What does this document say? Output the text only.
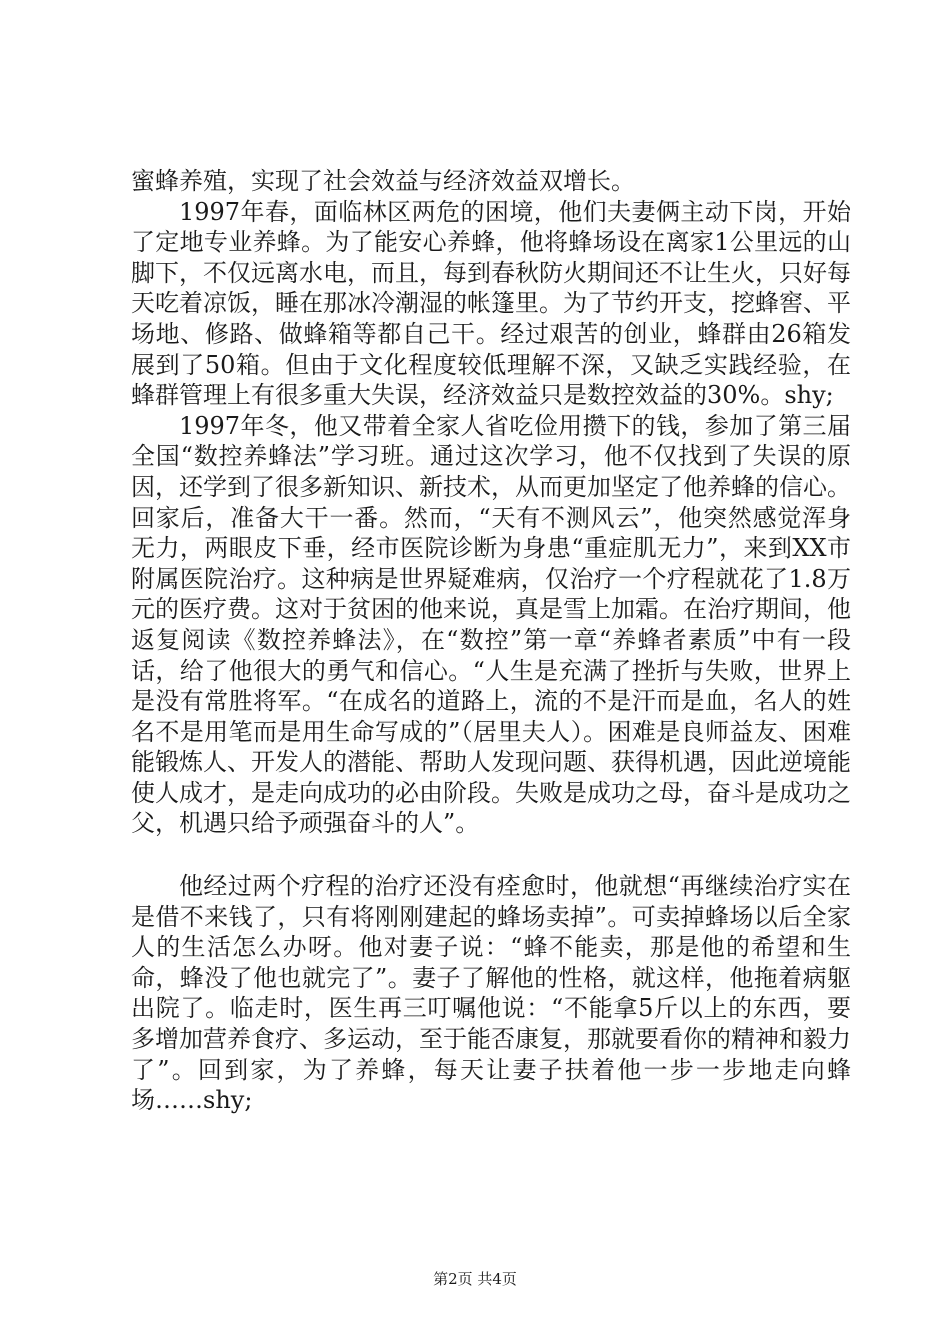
蜜蜂养殖，实现了社会效益与经济效益双增长。

1997年春，面临林区两危的困境，他们夫妻俩主动下岗，开始了定地专业养蜂。为了能安心养蜂，他将蜂场设在离家1公里远的山脚下，不仅远离水电，而且，每到春秋防火期间还不让生火，只好每天吃着凉饭，睡在那冰冷潮湿的帐篷里。为了节约开支，挖蜂窖、平场地、修路、做蜂箱等都自己干。经过艰苦的创业，蜂群由26箱发展到了50箱。但由于文化程度较低理解不深，又缺乏实践经验，在蜂群管理上有很多重大失误，经济效益只是数控效益的30%。shy;

1997年冬，他又带着全家人省吃俭用攒下的钱，参加了第三届全国“数控养蜂法”学习班。通过这次学习，他不仅找到了失误的原因，还学到了很多新知识、新技术，从而更加坚定了他养蜂的信心。回家后，准备大干一番。然而，“天有不测风云”，他突然感觉浑身无力，两眼皮下垂，经市医院诊断为身患“重症肌无力”，来到XX市附属医院治疗。这种病是世界疑难病，仅治疗一个疗程就花了1.8万元的医疗费。这对于贫困的他来说，真是雪上加霜。在治疗期间，他返复阅读《数控养蜂法》，在“数控”第一章“养蜂者素质”中有一段话，给了他很大的勇气和信心。“人生是充满了挫折与失败，世界上是没有常胜将军。“在成名的道路上，流的不是汗而是血，名人的姓名不是用笔而是用生命写成的”（居里夫人）。困难是良师益友、困难能锻炼人、开发人的潜能、帮助人发现问题、获得机遇，因此逆境能使人成才，是走向成功的必由阶段。失败是成功之母，奋斗是成功之父，机遇只给予顽强奋斗的人”。

他经过两个疗程的治疗还没有痊愈时，他就想“再继续治疗实在是借不来钱了，只有将刚刚建起的蜂场卖掉”。可卖掉蜂场以后全家人的生活怎么办呀。他对妻子说：“蜂不能卖，那是他的希望和生命，蜂没了他也就完了”。妻子了解他的性格，就这样，他拖着病躯出院了。临走时，医生再三叮嘱他说：“不能拿5斤以上的东西，要多增加营养食疗、多运动，至于能否康复，那就要看你的精神和毅力了”。回到家，为了养蜂，每天让妻子扶着他一步一步地走向蜂场……shy;

第2页 共4页
